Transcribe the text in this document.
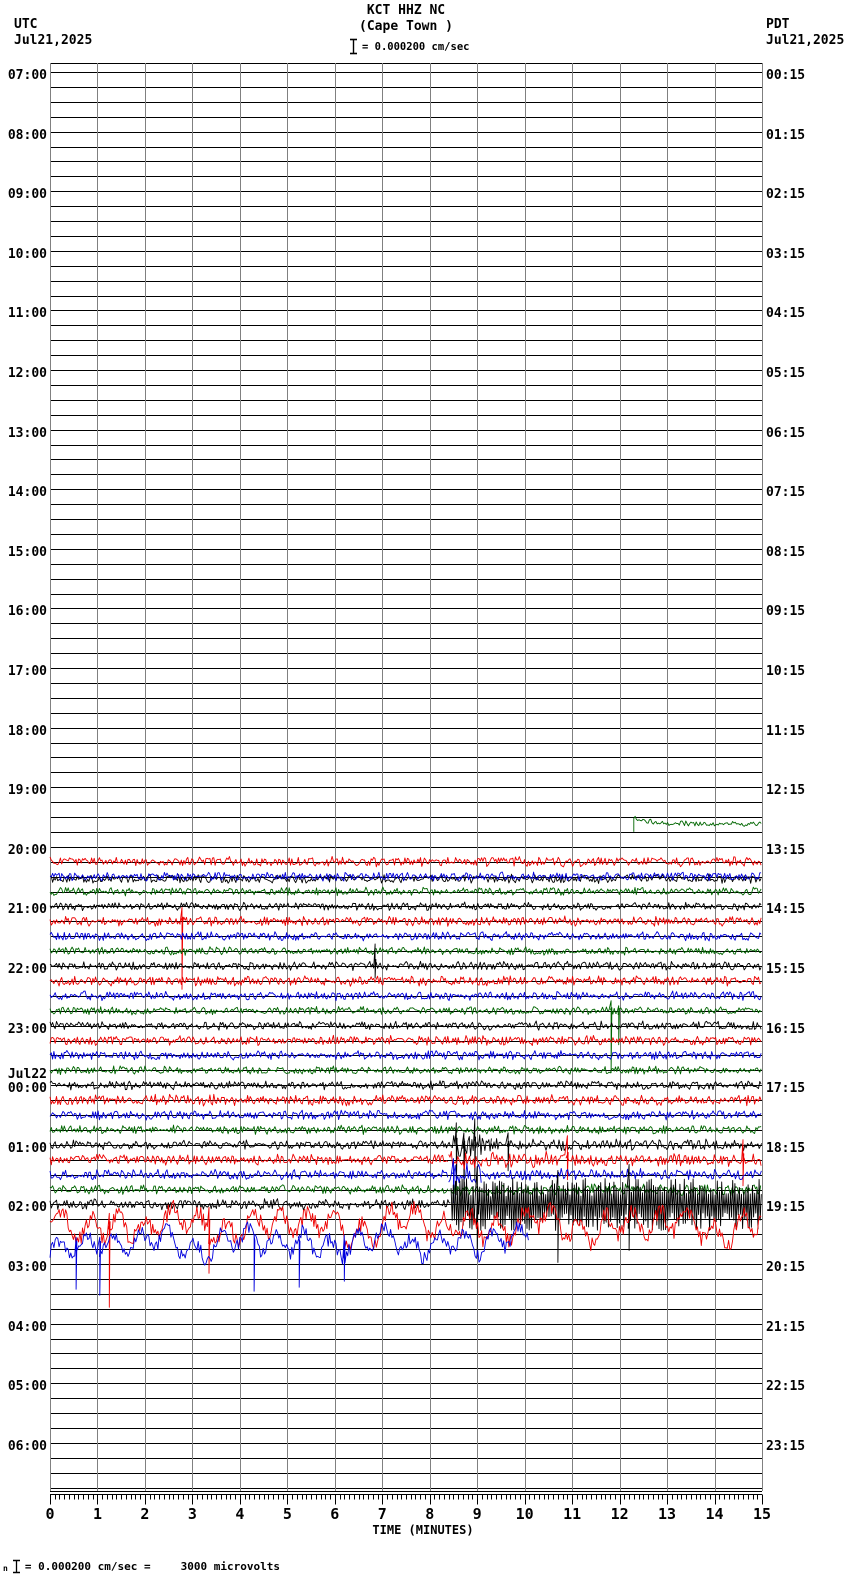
UTC
Jul21,2025
PDT
Jul21,2025
KCT HHZ NC
(Cape Town )
= 0.000200 cm/sec
07:00
08:00
09:00
10:00
11:00
12:00
13:00
14:00
15:00
16:00
17:00
18:00
19:00
20:00
21:00
22:00
23:00
Jul22
00:00
01:00
02:00
03:00
04:00
05:00
06:00
00:15
01:15
02:15
03:15
04:15
05:15
06:15
07:15
08:15
09:15
10:15
11:15
12:15
13:15
14:15
15:15
16:15
17:15
18:15
19:15
20:15
21:15
22:15
23:15
0	1	2	3	4	5	6	7	8	9	10	11	12	13	14	15
TIME (MINUTES)
n = 0.000200 cm/sec =	3000 microvolts
